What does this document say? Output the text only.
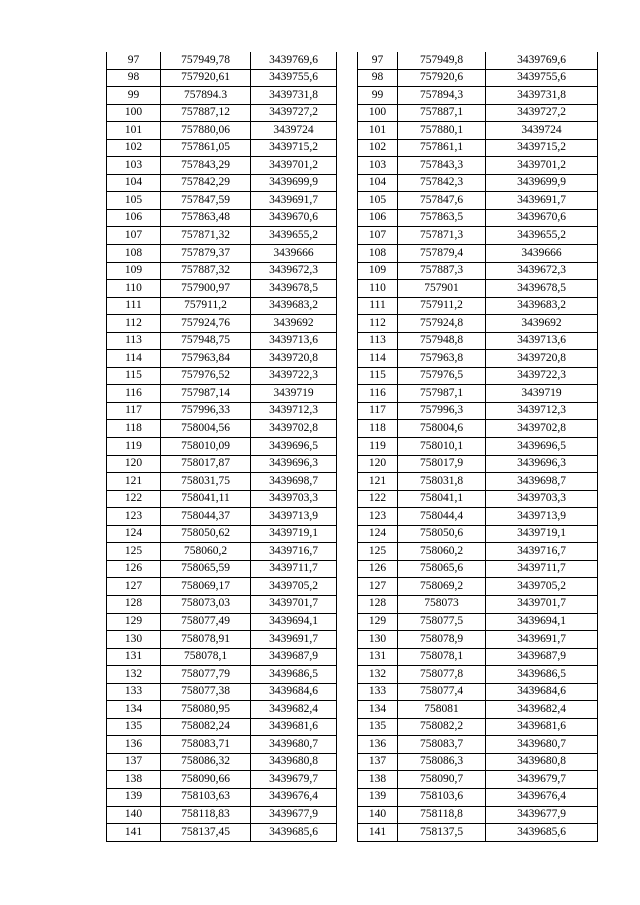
97	757949,78	3439769,6
98	757920,61	3439755,6
99	757894.3	3439731,8
100	757887,12	3439727,2
101	757880,06	3439724
102	757861,05	3439715,2
103	757843,29	3439701,2
104	757842,29	3439699,9
105	757847,59	3439691,7
106	757863,48	3439670,6
107	757871,32	3439655,2
108	757879,37	3439666
109	757887,32	3439672,3
110	757900,97	3439678,5
111	757911,2	3439683,2
112	757924,76	3439692
113	757948,75	3439713,6
114	757963,84	3439720,8
115	757976,52	3439722,3
116	757987,14	3439719
117	757996,33	3439712,3
118	758004,56	3439702,8
119	758010,09	3439696,5
120	758017,87	3439696,3
121	758031,75	3439698,7
122	758041,11	3439703,3
123	758044,37	3439713,9
124	758050,62	3439719,1
125	758060,2	3439716,7
126	758065,59	3439711,7
127	758069,17	3439705,2
128	758073,03	3439701,7
129	758077,49	3439694,1
130	758078,91	3439691,7
131	758078,1	3439687,9
132	758077,79	3439686,5
133	758077,38	3439684,6
134	758080,95	3439682,4
135	758082,24	3439681,6
136	758083,71	3439680,7
137	758086,32	3439680,8
138	758090,66	3439679,7
139	758103,63	3439676,4
140	758118,83	3439677,9
141	758137,45	3439685,6
97	757949,8	3439769,6
98	757920,6	3439755,6
99	757894,3	3439731,8
100	757887,1	3439727,2
101	757880,1	3439724
102	757861,1	3439715,2
103	757843,3	3439701,2
104	757842,3	3439699,9
105	757847,6	3439691,7
106	757863,5	3439670,6
107	757871,3	3439655,2
108	757879,4	3439666
109	757887,3	3439672,3
110	757901	3439678,5
111	757911,2	3439683,2
112	757924,8	3439692
113	757948,8	3439713,6
114	757963,8	3439720,8
115	757976,5	3439722,3
116	757987,1	3439719
117	757996,3	3439712,3
118	758004,6	3439702,8
119	758010,1	3439696,5
120	758017,9	3439696,3
121	758031,8	3439698,7
122	758041,1	3439703,3
123	758044,4	3439713,9
124	758050,6	3439719,1
125	758060,2	3439716,7
126	758065,6	3439711,7
127	758069,2	3439705,2
128	758073	3439701,7
129	758077,5	3439694,1
130	758078,9	3439691,7
131	758078,1	3439687,9
132	758077,8	3439686,5
133	758077,4	3439684,6
134	758081	3439682,4
135	758082,2	3439681,6
136	758083,7	3439680,7
137	758086,3	3439680,8
138	758090,7	3439679,7
139	758103,6	3439676,4
140	758118,8	3439677,9
141	758137,5	3439685,6
